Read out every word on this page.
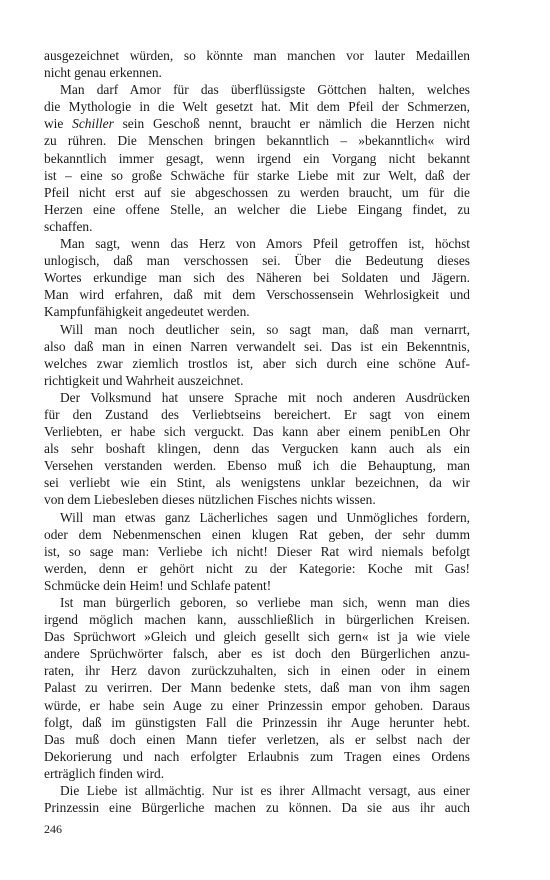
ausgezeichnet würden, so könnte man manchen vor lauter Medaillen
nicht genau erkennen.
Man darf Amor für das überflüssigste Göttchen halten, welches
die Mythologie in die Welt gesetzt hat. Mit dem Pfeil der Schmerzen,
wie Schiller sein Geschoß nennt, braucht er nämlich die Herzen nicht
zu rühren. Die Menschen bringen bekanntlich – »bekanntlich« wird
bekanntlich immer gesagt, wenn irgend ein Vorgang nicht bekannt
ist – eine so große Schwäche für starke Liebe mit zur Welt, daß der
Pfeil nicht erst auf sie abgeschossen zu werden braucht, um für die
Herzen eine offene Stelle, an welcher die Liebe Eingang findet, zu
schaffen.
Man sagt, wenn das Herz von Amors Pfeil getroffen ist, höchst
unlogisch, daß man verschossen sei. Über die Bedeutung dieses
Wortes erkundige man sich des Näheren bei Soldaten und Jägern.
Man wird erfahren, daß mit dem Verschossensein Wehrlosigkeit und
Kampfunfähigkeit angedeutet werden.
Will man noch deutlicher sein, so sagt man, daß man vernarrt,
also daß man in einen Narren verwandelt sei. Das ist ein Bekenntnis,
welches zwar ziemlich trostlos ist, aber sich durch eine schöne Auf-
richtigkeit und Wahrheit auszeichnet.
Der Volksmund hat unsere Sprache mit noch anderen Ausdrücken
für den Zustand des Verliebtseins bereichert. Er sagt von einem
Verliebten, er habe sich verguckt. Das kann aber einem penibLen Ohr
als sehr boshaft klingen, denn das Vergucken kann auch als ein
Versehen verstanden werden. Ebenso muß ich die Behauptung, man
sei verliebt wie ein Stint, als wenigstens unklar bezeichnen, da wir
von dem Liebesleben dieses nützlichen Fisches nichts wissen.
Will man etwas ganz Lächerliches sagen und Unmögliches fordern,
oder dem Nebenmenschen einen klugen Rat geben, der sehr dumm
ist, so sage man: Verliebe ich nicht! Dieser Rat wird niemals befolgt
werden, denn er gehört nicht zu der Kategorie: Koche mit Gas!
Schmücke dein Heim! und Schlafe patent!
Ist man bürgerlich geboren, so verliebe man sich, wenn man dies
irgend möglich machen kann, ausschließlich in bürgerlichen Kreisen.
Das Sprüchwort »Gleich und gleich gesellt sich gern« ist ja wie viele
andere Sprüchwörter falsch, aber es ist doch den Bürgerlichen anzu-
raten, ihr Herz davon zurückzuhalten, sich in einen oder in einem
Palast zu verirren. Der Mann bedenke stets, daß man von ihm sagen
würde, er habe sein Auge zu einer Prinzessin empor gehoben. Daraus
folgt, daß im günstigsten Fall die Prinzessin ihr Auge herunter hebt.
Das muß doch einen Mann tiefer verletzen, als er selbst nach der
Dekorierung und nach erfolgter Erlaubnis zum Tragen eines Ordens
erträglich finden wird.
Die Liebe ist allmächtig. Nur ist es ihrer Allmacht versagt, aus einer
Prinzessin eine Bürgerliche machen zu können. Da sie aus ihr auch
246
